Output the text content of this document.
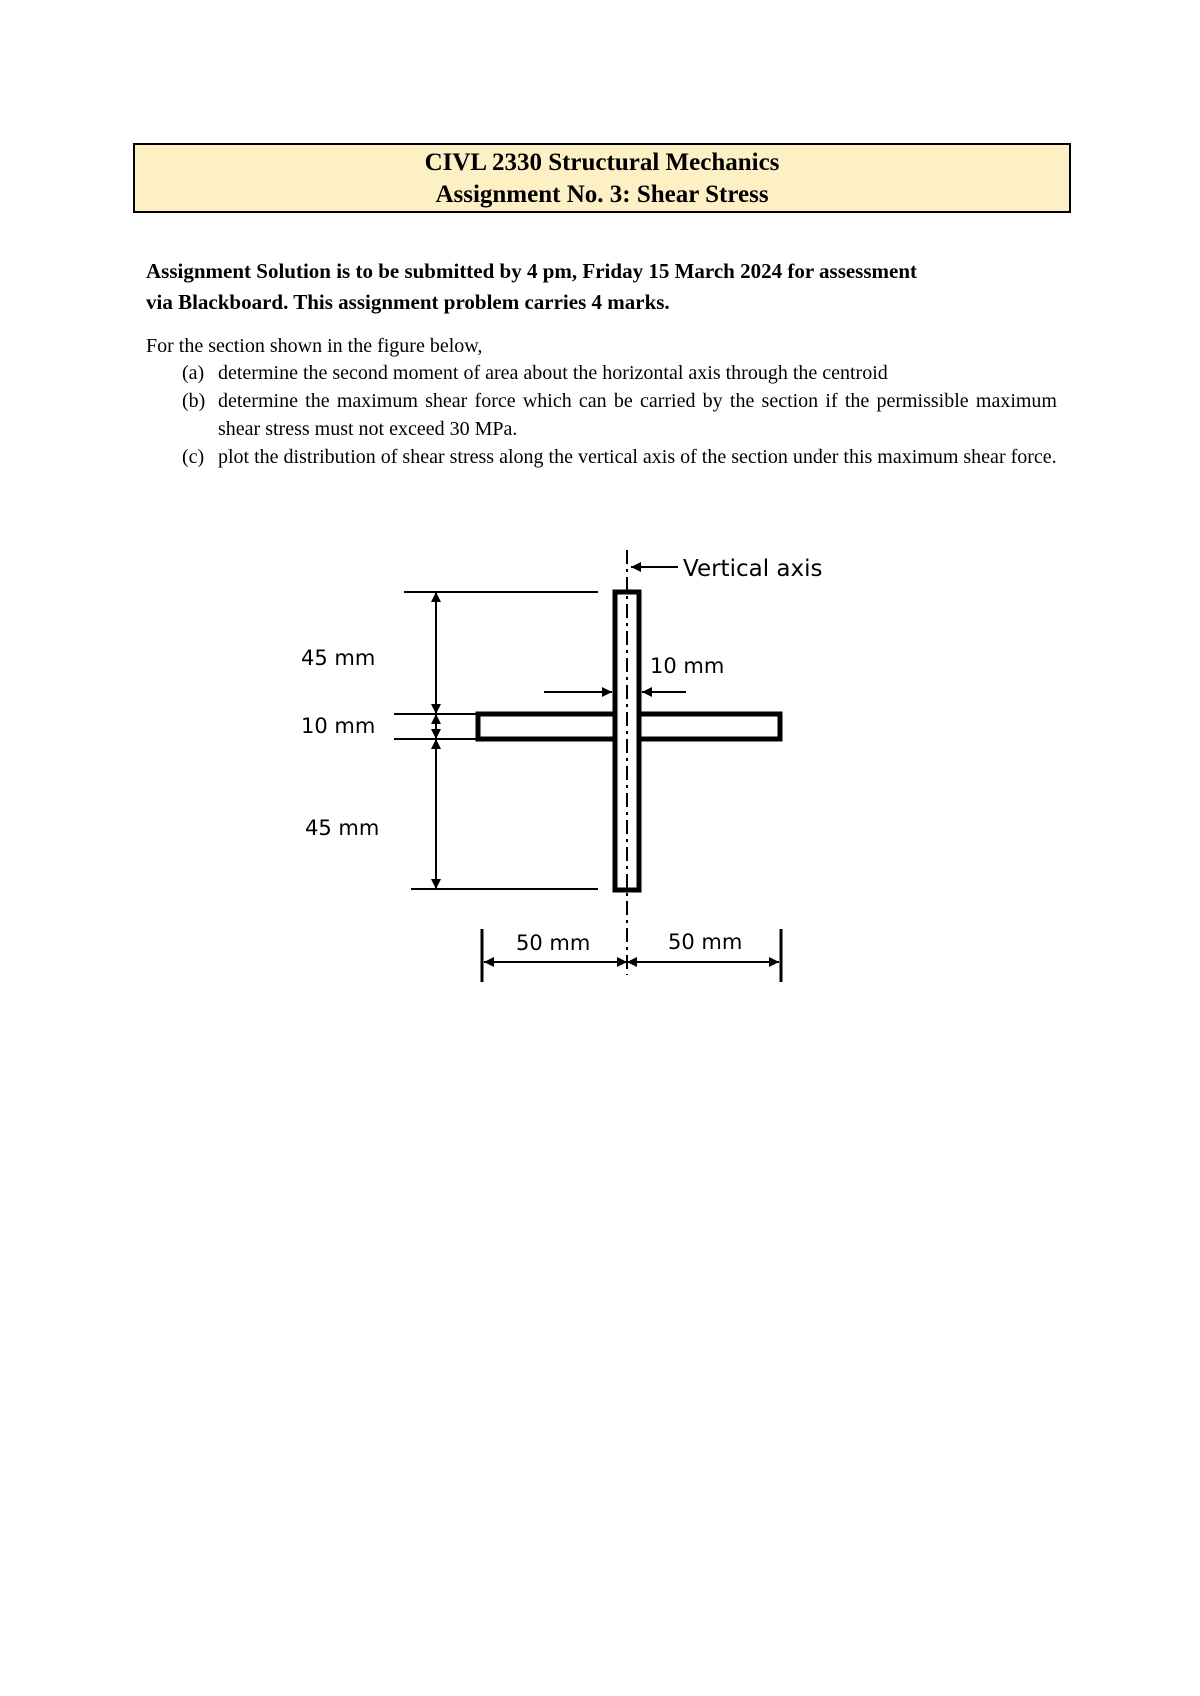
CIVL 2330 Structural Mechanics
Assignment No. 3: Shear Stress
Assignment Solution is to be submitted by 4 pm, Friday 15 March 2024 for assessment
via Blackboard. This assignment problem carries 4 marks.
For the section shown in the figure below,
(a) determine the second moment of area about the horizontal axis through the centroid
(b) determine the maximum shear force which can be carried by the section if the permissible maximum shear stress must not exceed 30 MPa.
(c) plot the distribution of shear stress along the vertical axis of the section under this maximum shear force.
Vertical axis
45 mm
10 mm
45 mm
10 mm
50 mm	50 mm
